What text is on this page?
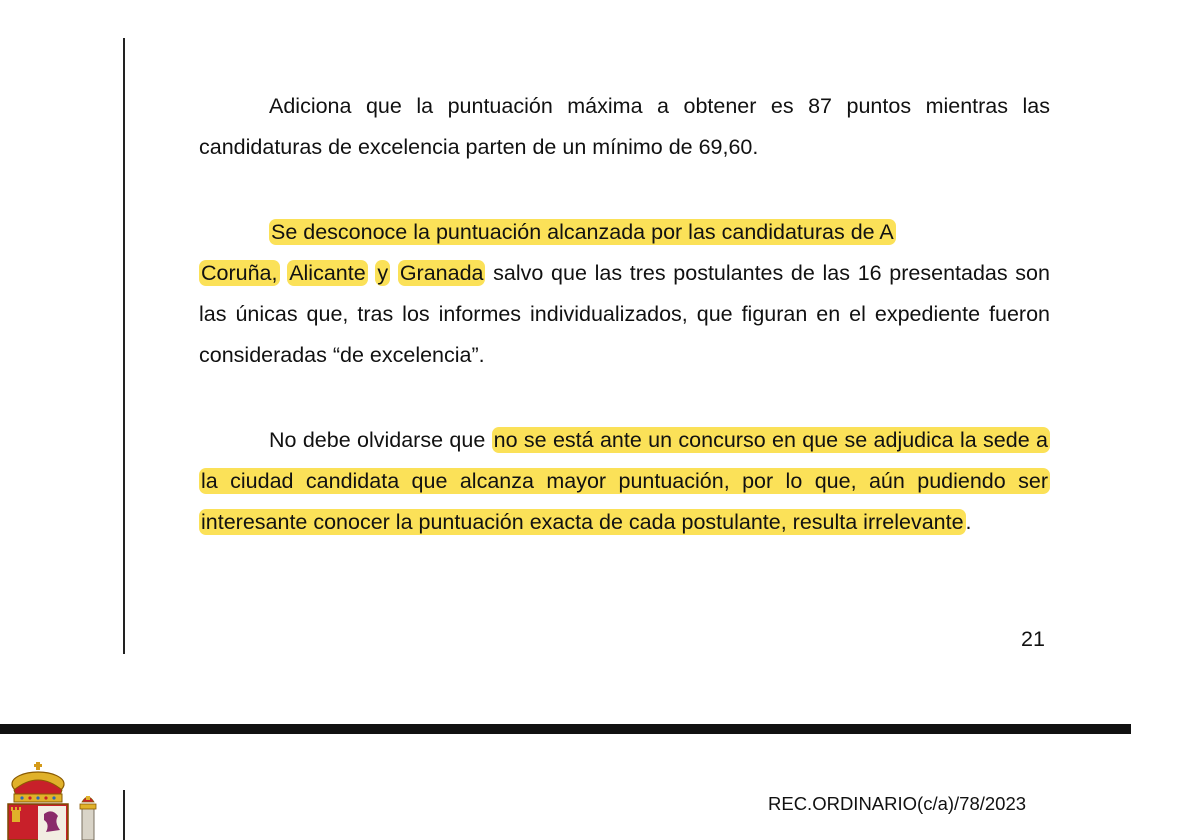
Adiciona que la puntuación máxima a obtener es 87 puntos mientras las candidaturas de excelencia parten de un mínimo de 69,60.

Se desconoce la puntuación alcanzada por las candidaturas de A
Coruña, Alicante y Granada salvo que las tres postulantes de las 16 presentadas son las únicas que, tras los informes individualizados, que figuran en el expediente fueron consideradas “de excelencia”.

No debe olvidarse que no se está ante un concurso en que se adjudica la sede a la ciudad candidata que alcanza mayor puntuación, por lo que, aún pudiendo ser interesante conocer la puntuación exacta de cada postulante, resulta irrelevante.

21
REC.ORDINARIO(c/a)/78/2023
